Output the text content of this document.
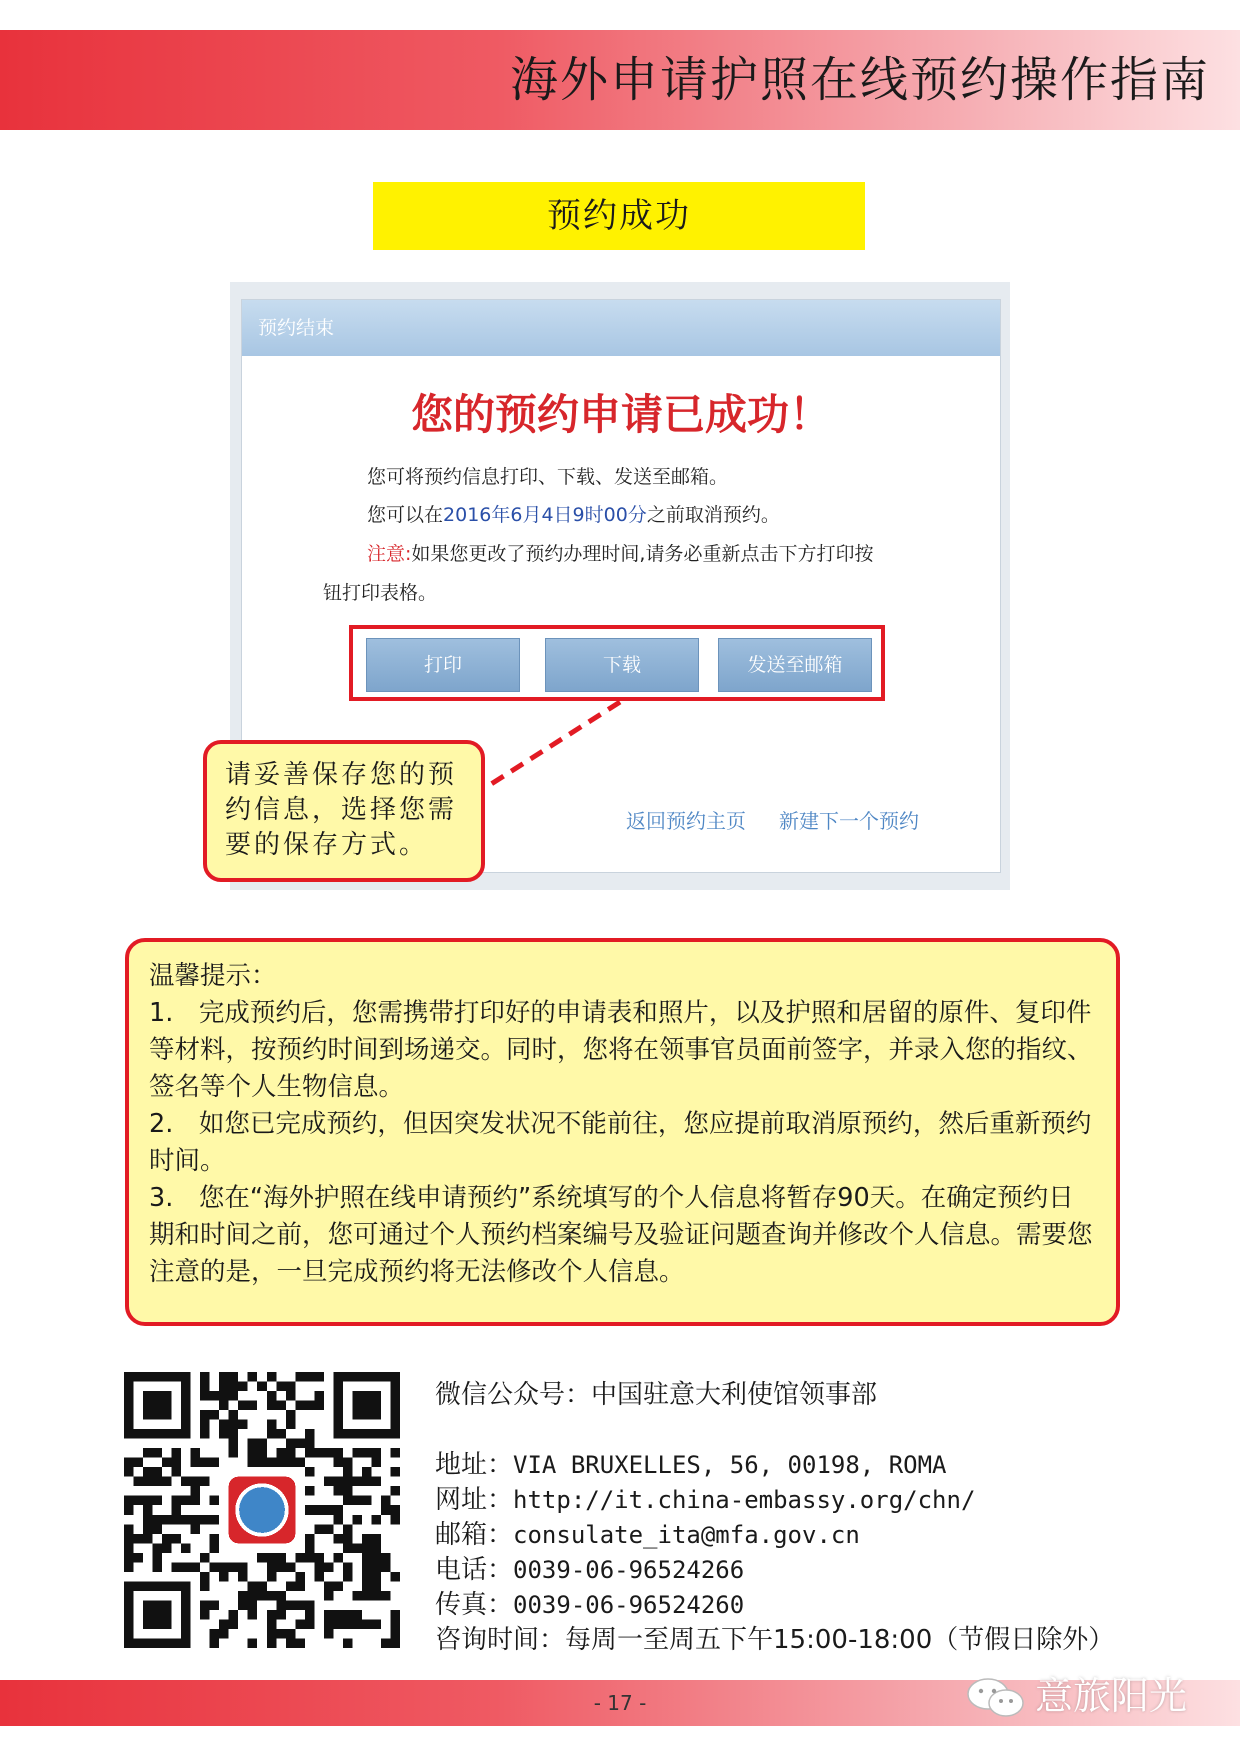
海外申请护照在线预约操作指南
预约成功
预约结束
您的预约申请已成功！
您可将预约信息打印、下载、发送至邮箱。
您可以在2016年6月4日9时00分之前取消预约。
注意:如果您更改了预约办理时间,请务必重新点击下方打印按
钮打印表格。
打印	下载	发送至邮箱
返回预约主页 新建下一个预约
请妥善保存您的预约信息，选择您需要的保存方式。

温馨提示：

1.　完成预约后，您需携带打印好的申请表和照片，以及护照和居留的原件、复印件等材料，按预约时间到场递交。同时，您将在领事官员面前签字，并录入您的指纹、签名等个人生物信息。

2.　如您已完成预约，但因突发状况不能前往，您应提前取消原预约，然后重新预约时间。

3.　您在“海外护照在线申请预约”系统填写的个人信息将暂存90天。在确定预约日期和时间之前，您可通过个人预约档案编号及验证问题查询并修改个人信息。需要您注意的是，一旦完成预约将无法修改个人信息。

微信公众号：中国驻意大利使馆领事部
地址：VIA BRUXELLES, 56, 00198, ROMA
网址：http://it.china-embassy.org/chn/
邮箱：consulate_ita@mfa.gov.cn
电话：0039-06-96524266
传真：0039-06-96524260
咨询时间：每周一至周五下午15:00-18:00（节假日除外）
- 17 -	意旅阳光
